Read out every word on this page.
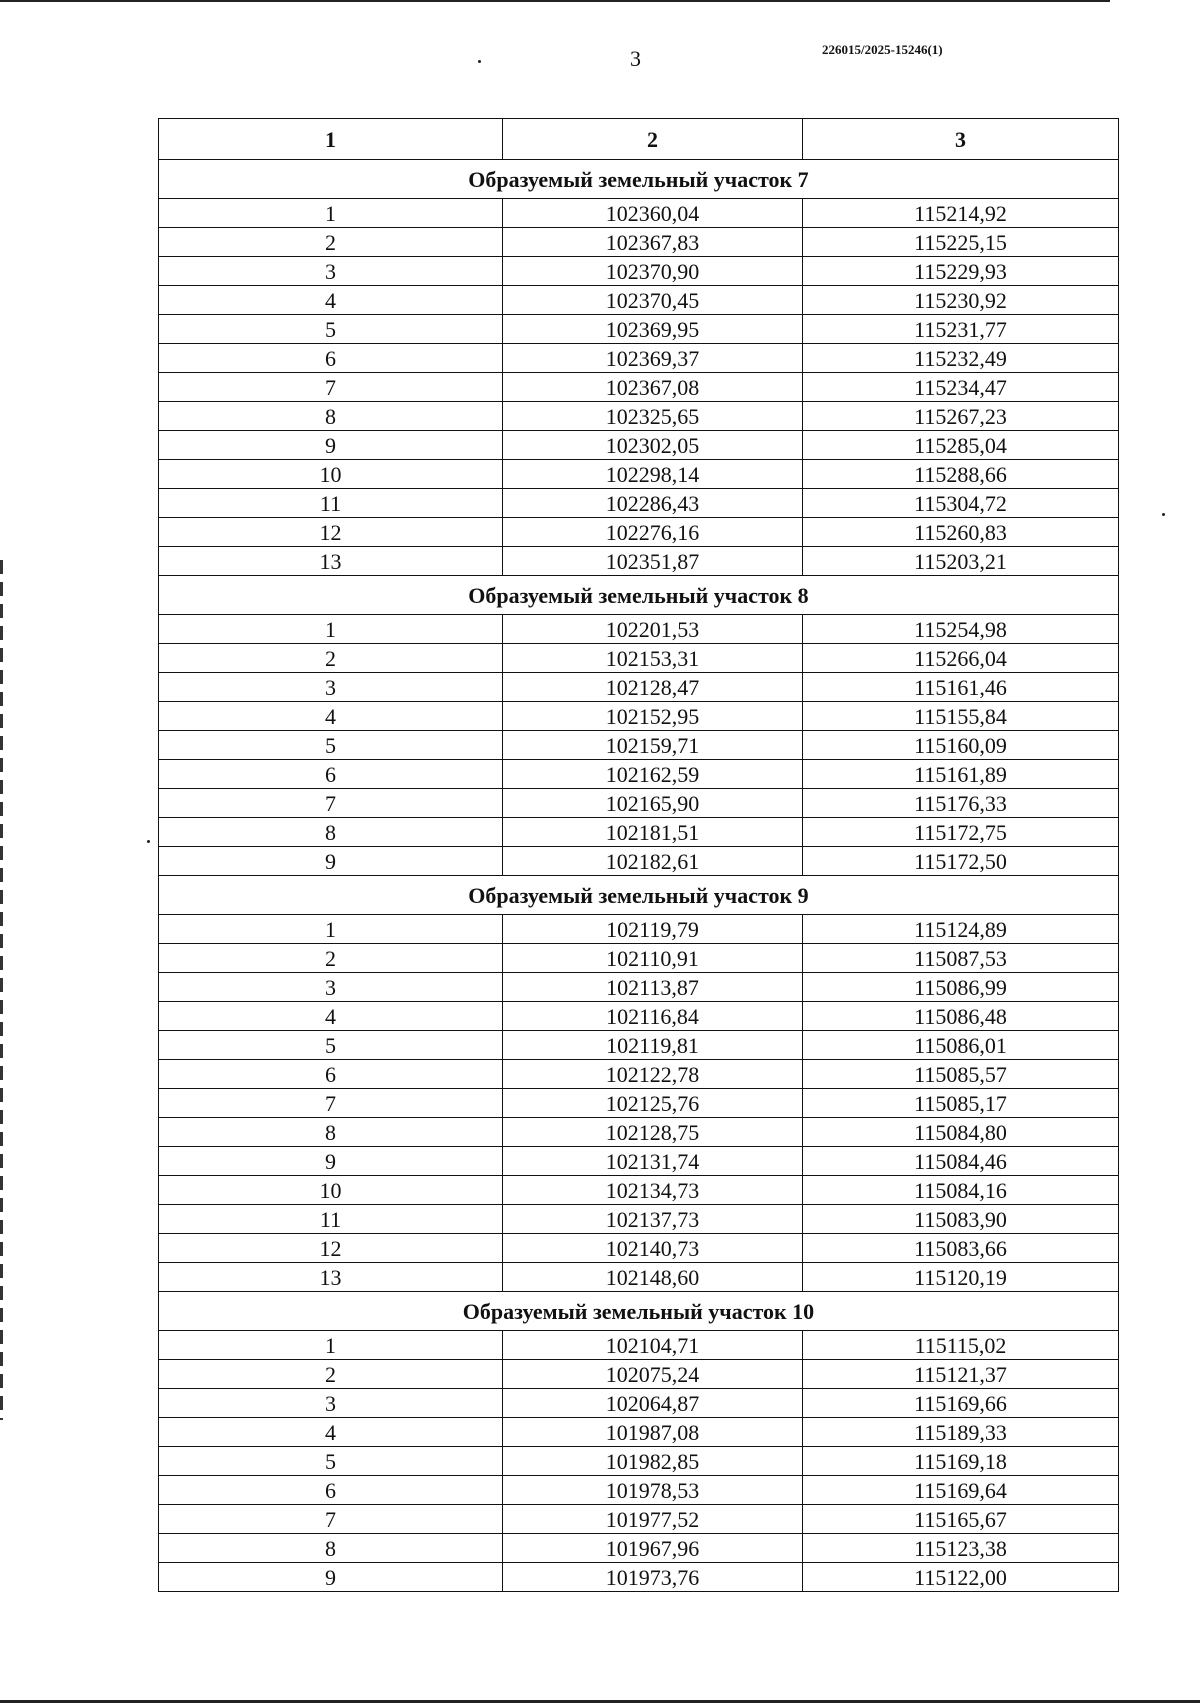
3	226015/2025-15246(1)
1	2	3
Образуемый земельный участок 7		
1	102360,04	115214,92
2	102367,83	115225,15
3	102370,90	115229,93
4	102370,45	115230,92
5	102369,95	115231,77
6	102369,37	115232,49
7	102367,08	115234,47
8	102325,65	115267,23
9	102302,05	115285,04
10	102298,14	115288,66
11	102286,43	115304,72
12	102276,16	115260,83
13	102351,87	115203,21
Образуемый земельный участок 8		
1	102201,53	115254,98
2	102153,31	115266,04
3	102128,47	115161,46
4	102152,95	115155,84
5	102159,71	115160,09
6	102162,59	115161,89
7	102165,90	115176,33
8	102181,51	115172,75
9	102182,61	115172,50
Образуемый земельный участок 9		
1	102119,79	115124,89
2	102110,91	115087,53
3	102113,87	115086,99
4	102116,84	115086,48
5	102119,81	115086,01
6	102122,78	115085,57
7	102125,76	115085,17
8	102128,75	115084,80
9	102131,74	115084,46
10	102134,73	115084,16
11	102137,73	115083,90
12	102140,73	115083,66
13	102148,60	115120,19
Образуемый земельный участок 10		
1	102104,71	115115,02
2	102075,24	115121,37
3	102064,87	115169,66
4	101987,08	115189,33
5	101982,85	115169,18
6	101978,53	115169,64
7	101977,52	115165,67
8	101967,96	115123,38
9	101973,76	115122,00
